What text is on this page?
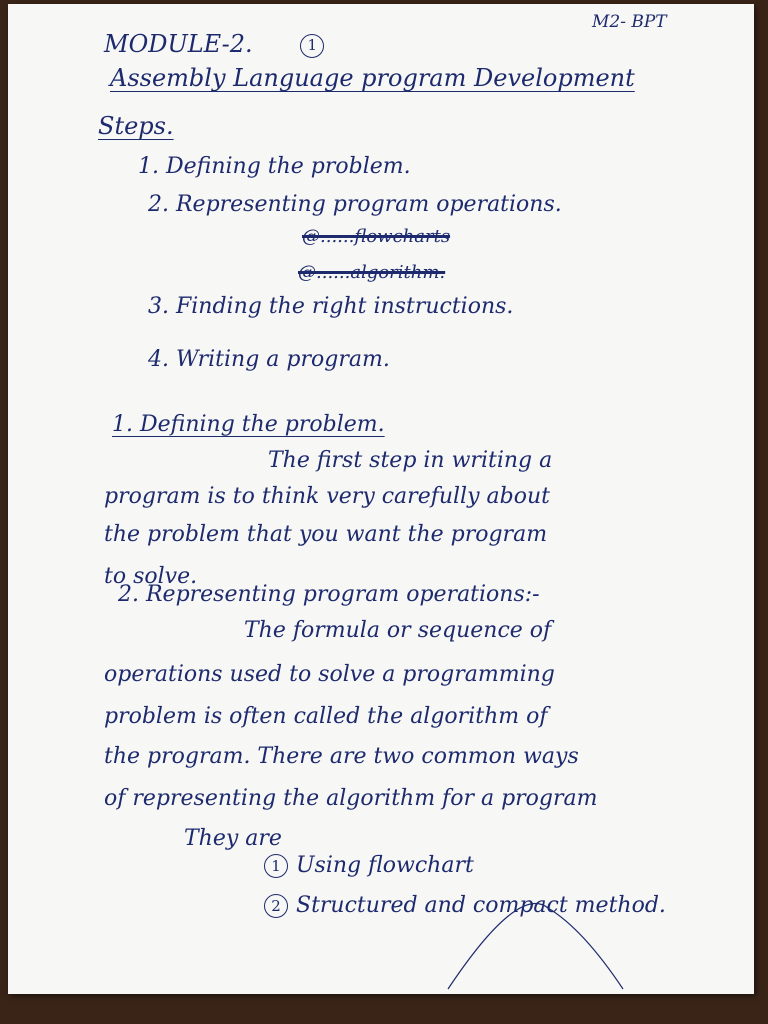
MODULE-2.	1
M2- BPT
Assembly Language program Development
Steps.
1. Defining the problem.
2. Representing program operations.
@......flowcharts
@......algorithm.
3. Finding the right instructions.
4. Writing a program.
1. Defining the problem.
The first step in writing a
program is to think very carefully about
the problem that you want the program
to solve.
2. Representing program operations:-
The formula or sequence of
operations used to solve a programming
problem is often called the algorithm of
the program. There are two common ways
of representing the algorithm for a program
They are
1 Using flowchart
2 Structured and compact method.
